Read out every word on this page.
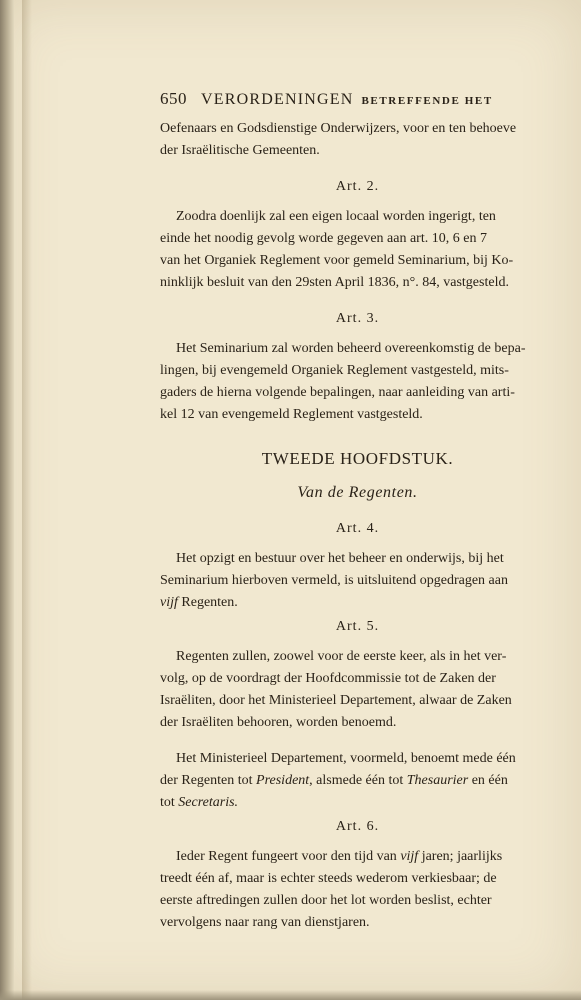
650 VERORDENINGEN BETREFFENDE HET

Oefenaars en Godsdienstige Onderwijzers, voor en ten behoeve
der Israëlitische Gemeenten.

Art. 2.

Zoodra doenlijk zal een eigen locaal worden ingerigt, ten
einde het noodig gevolg worde gegeven aan art. 10, 6 en 7
van het Organiek Reglement voor gemeld Seminarium, bij Ko-
ninklijk besluit van den 29sten April 1836, n°. 84, vastgesteld.

Art. 3.

Het Seminarium zal worden beheerd overeenkomstig de bepa-
lingen, bij evengemeld Organiek Reglement vastgesteld, mits-
gaders de hierna volgende bepalingen, naar aanleiding van arti-
kel 12 van evengemeld Reglement vastgesteld.

TWEEDE HOOFDSTUK.
Van de Regenten.
Art. 4.

Het opzigt en bestuur over het beheer en onderwijs, bij het
Seminarium hierboven vermeld, is uitsluitend opgedragen aan
vijf Regenten.

Art. 5.

Regenten zullen, zoowel voor de eerste keer, als in het ver-
volg, op de voordragt der Hoofdcommissie tot de Zaken der
Israëliten, door het Ministerieel Departement, alwaar de Zaken
der Israëliten behooren, worden benoemd.

Het Ministerieel Departement, voormeld, benoemt mede één
der Regenten tot President, alsmede één tot Thesaurier en één
tot Secretaris.

Art. 6.

Ieder Regent fungeert voor den tijd van vijf jaren; jaarlijks
treedt één af, maar is echter steeds wederom verkiesbaar; de
eerste aftredingen zullen door het lot worden beslist, echter
vervolgens naar rang van dienstjaren.
